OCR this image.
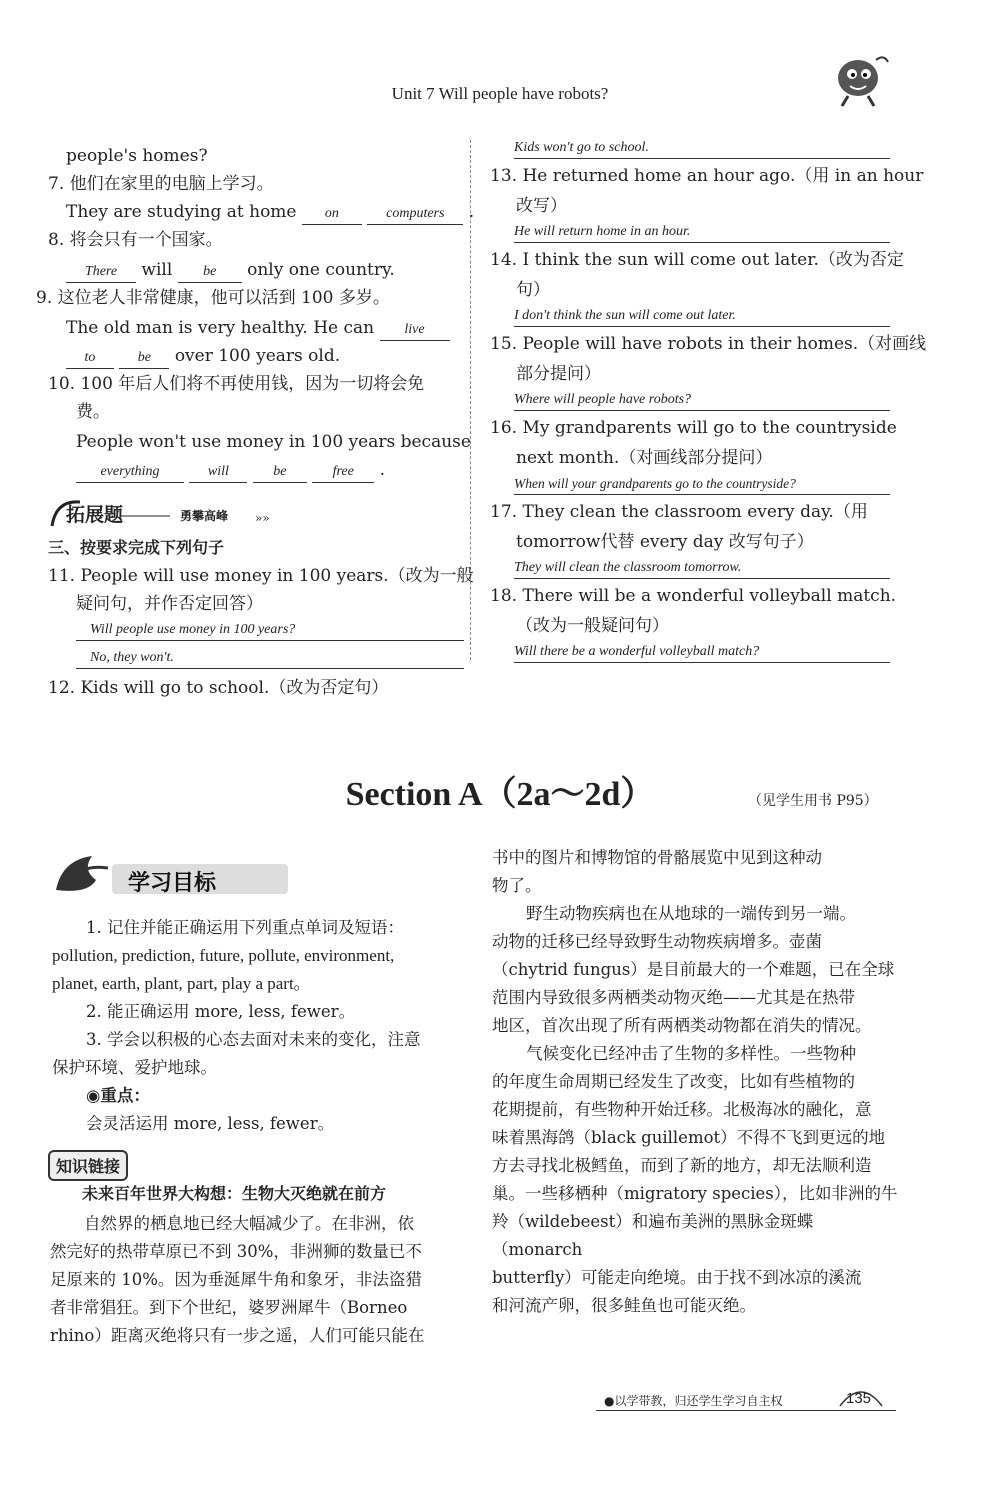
Unit 7 Will people have robots?
people's homes?
7. 他们在家里的电脑上学习。
They are studying at home on	computers .
8. 将会只有一个国家。
There will be only one country.
9. 这位老人非常健康，他可以活到 100 多岁。
The old man is very healthy. He can live
to	be over 100 years old.
10. 100 年后人们将不再使用钱，因为一切将会免
费。
People won't use money in 100 years because
everything	will	be	free .
»»
拓展题	勇攀高峰
三、按要求完成下列句子
11. People will use money in 100 years.（改为一般
疑问句，并作否定回答）
Will people use money in 100 years?
No, they won't.
12. Kids will go to school.（改为否定句）
Kids won't go to school.
13. He returned home an hour ago.（用 in an hour
改写）
He will return home in an hour.
14. I think the sun will come out later.（改为否定
句）
I don't think the sun will come out later.
15. People will have robots in their homes.（对画线
部分提问）
Where will people have robots?
16. My grandparents will go to the countryside
next month.（对画线部分提问）
When will your grandparents go to the countryside?
17. They clean the classroom every day.（用
tomorrow代替 every day 改写句子）
They will clean the classroom tomorrow.
18. There will be a wonderful volleyball match.
（改为一般疑问句）
Will there be a wonderful volleyball match?
Section A（2a～2d）	（见学生用书 P95）
学习目标
1. 记住并能正确运用下列重点单词及短语：
pollution, prediction, future, pollute, environment,
planet, earth, plant, part, play a part。
2. 能正确运用 more, less, fewer。
3. 学会以积极的心态去面对未来的变化，注意
保护环境、爱护地球。
◉重点：
会灵活运用 more, less, fewer。
知识链接
未来百年世界大构想：生物大灭绝就在前方
自然界的栖息地已经大幅减少了。在非洲，依
然完好的热带草原已不到 30%，非洲狮的数量已不
足原来的 10%。因为垂涎犀牛角和象牙，非法盗猎
者非常猖狂。到下个世纪，婆罗洲犀牛（Borneo
rhino）距离灭绝将只有一步之遥，人们可能只能在
书中的图片和博物馆的骨骼展览中见到这种动
物了。
野生动物疾病也在从地球的一端传到另一端。
动物的迁移已经导致野生动物疾病增多。壶菌
（chytrid fungus）是目前最大的一个难题，已在全球
范围内导致很多两栖类动物灭绝——尤其是在热带
地区，首次出现了所有两栖类动物都在消失的情况。
气候变化已经冲击了生物的多样性。一些物种
的年度生命周期已经发生了改变，比如有些植物的
花期提前，有些物种开始迁移。北极海冰的融化，意
味着黑海鸽（black guillemot）不得不飞到更远的地
方去寻找北极鳕鱼，而到了新的地方，却无法顺利造
巢。一些移栖种（migratory species），比如非洲的牛
羚（wildebeest）和遍布美洲的黑脉金斑蝶（monarch
butterfly）可能走向绝境。由于找不到冰凉的溪流
和河流产卵，很多鲑鱼也可能灭绝。
●以学带教，归还学生学习自主权	135
